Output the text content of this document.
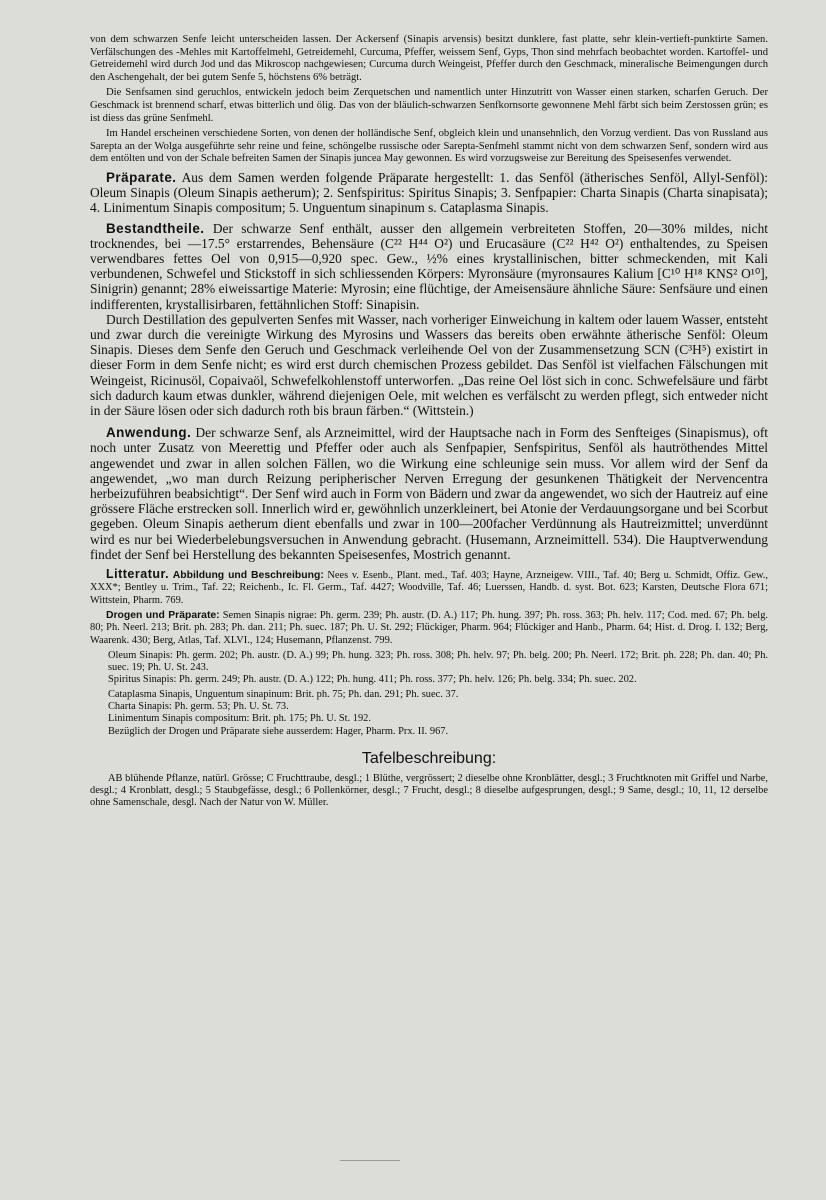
von dem schwarzen Senfe leicht unterscheiden lassen. Der Ackersenf (Sinapis arvensis) besitzt dunklere, fast platte, sehr klein-vertieft-punktirte Samen. Verfälschungen des -Mehles mit Kartoffelmehl, Getreidemehl, Curcuma, Pfeffer, weissem Senf, Gyps, Thon sind mehrfach beobachtet worden. Kartoffel- und Getreidemehl wird durch Jod und das Mikroscop nachgewiesen; Curcuma durch Weingeist, Pfeffer durch den Geschmack, mineralische Beimengungen durch den Aschengehalt, der bei gutem Senfe 5, höchstens 6% beträgt.

Die Senfsamen sind geruchlos, entwickeln jedoch beim Zerquetschen und namentlich unter Hinzutritt von Wasser einen starken, scharfen Geruch. Der Geschmack ist brennend scharf, etwas bitterlich und ölig. Das von der bläulich-schwarzen Senfkornsorte gewonnene Mehl färbt sich beim Zerstossen grün; es ist diess das grüne Senfmehl.

Im Handel erscheinen verschiedene Sorten, von denen der holländische Senf, obgleich klein und unansehnlich, den Vorzug verdient. Das von Russland aus Sarepta an der Wolga ausgeführte sehr reine und feine, schöngelbe russische oder Sarepta-Senfmehl stammt nicht von dem schwarzen Senf, sondern wird aus dem entölten und von der Schale befreiten Samen der Sinapis juncea May gewonnen. Es wird vorzugsweise zur Bereitung des Speisesenfes verwendet.

Präparate. Aus dem Samen werden folgende Präparate hergestellt: 1. das Senföl (ätherisches Senföl, Allyl-Senföl): Oleum Sinapis (Oleum Sinapis aetherum); 2. Senfspiritus: Spiritus Sinapis; 3. Senfpapier: Charta Sinapis (Charta sinapisata); 4. Linimentum Sinapis compositum; 5. Unguentum sinapinum s. Cataplasma Sinapis.

Bestandtheile. Der schwarze Senf enthält, ausser den allgemein verbreiteten Stoffen, 20—30% mildes, nicht trocknendes, bei —17.5° erstarrendes, Behensäure (C²² H⁴⁴ O²) und Erucasäure (C²² H⁴² O²) enthaltendes, zu Speisen verwendbares fettes Oel von 0,915—0,920 spec. Gew., ½% eines krystallinischen, bitter schmeckenden, mit Kali verbundenen, Schwefel und Stickstoff in sich schliessenden Körpers: Myronsäure (myronsaures Kalium [C¹⁰ H¹⁸ KNS² O¹⁰], Sinigrin) genannt; 28% eiweissartige Materie: Myrosin; eine flüchtige, der Ameisensäure ähnliche Säure: Senfsäure und einen indifferenten, krystallisirbaren, fettähnlichen Stoff: Sinapisin.

Durch Destillation des gepulverten Senfes mit Wasser, nach vorheriger Einweichung in kaltem oder lauem Wasser, entsteht und zwar durch die vereinigte Wirkung des Myrosins und Wassers das bereits oben erwähnte ätherische Senföl: Oleum Sinapis. Dieses dem Senfe den Geruch und Geschmack verleihende Oel von der Zusammensetzung SCN (C³H⁵) existirt in dieser Form in dem Senfe nicht; es wird erst durch chemischen Prozess gebildet. Das Senföl ist vielfachen Fälschungen mit Weingeist, Ricinusöl, Copaivaöl, Schwefelkohlenstoff unterworfen. „Das reine Oel löst sich in conc. Schwefelsäure und färbt sich dadurch kaum etwas dunkler, während diejenigen Oele, mit welchen es verfälscht zu werden pflegt, sich entweder nicht in der Säure lösen oder sich dadurch roth bis braun färben.“ (Wittstein.)

Anwendung. Der schwarze Senf, als Arzneimittel, wird der Hauptsache nach in Form des Senfteiges (Sinapismus), oft noch unter Zusatz von Meerettig und Pfeffer oder auch als Senfpapier, Senfspiritus, Senföl als hautröthendes Mittel angewendet und zwar in allen solchen Fällen, wo die Wirkung eine schleunige sein muss. Vor allem wird der Senf da angewendet, „wo man durch Reizung peripherischer Nerven Erregung der gesunkenen Thätigkeit der Nervencentra herbeizuführen beabsichtigt“. Der Senf wird auch in Form von Bädern und zwar da angewendet, wo sich der Hautreiz auf eine grössere Fläche erstrecken soll. Innerlich wird er, gewöhnlich unzerkleinert, bei Atonie der Verdauungsorgane und bei Scorbut gegeben. Oleum Sinapis aetherum dient ebenfalls und zwar in 100—200facher Verdünnung als Hautreizmittel; unverdünnt wird es nur bei Wiederbelebungsversuchen in Anwendung gebracht. (Husemann, Arzneimittell. 534). Die Hauptverwendung findet der Senf bei Herstellung des bekannten Speisesenfes, Mostrich genannt.

Litteratur. Abbildung und Beschreibung: Nees v. Esenb., Plant. med., Taf. 403; Hayne, Arzneigew. VIII., Taf. 40; Berg u. Schmidt, Offiz. Gew., XXX*; Bentley u. Trim., Taf. 22; Reichenb., Ic. Fl. Germ., Taf. 4427; Woodville, Taf. 46; Luerssen, Handb. d. syst. Bot. 623; Karsten, Deutsche Flora 671; Wittstein, Pharm. 769.

Drogen und Präparate: Semen Sinapis nigrae: Ph. germ. 239; Ph. austr. (D. A.) 117; Ph. hung. 397; Ph. ross. 363; Ph. helv. 117; Cod. med. 67; Ph. belg. 80; Ph. Neerl. 213; Brit. ph. 283; Ph. dan. 211; Ph. suec. 187; Ph. U. St. 292; Flückiger, Pharm. 964; Flückiger and Hanb., Pharm. 64; Hist. d. Drog. I. 132; Berg, Waarenk. 430; Berg, Atlas, Taf. XLVI., 124; Husemann, Pflanzenst. 799.

Oleum Sinapis: Ph. germ. 202; Ph. austr. (D. A.) 99; Ph. hung. 323; Ph. ross. 308; Ph. helv. 97; Ph. belg. 200; Ph. Neerl. 172; Brit. ph. 228; Ph. dan. 40; Ph. suec. 19; Ph. U. St. 243.

Spiritus Sinapis: Ph. germ. 249; Ph. austr. (D. A.) 122; Ph. hung. 411; Ph. ross. 377; Ph. helv. 126; Ph. belg. 334; Ph. suec. 202.

Cataplasma Sinapis, Unguentum sinapinum: Brit. ph. 75; Ph. dan. 291; Ph. suec. 37.

Charta Sinapis: Ph. germ. 53; Ph. U. St. 73.

Linimentum Sinapis compositum: Brit. ph. 175; Ph. U. St. 192.

Bezüglich der Drogen und Präparate siehe ausserdem: Hager, Pharm. Prx. II. 967.

Tafelbeschreibung:

AB blühende Pflanze, natürl. Grösse; C Fruchttraube, desgl.; 1 Blüthe, vergrössert; 2 dieselbe ohne Kronblätter, desgl.; 3 Fruchtknoten mit Griffel und Narbe, desgl.; 4 Kronblatt, desgl.; 5 Staubgefässe, desgl.; 6 Pollenkörner, desgl.; 7 Frucht, desgl.; 8 dieselbe aufgesprungen, desgl.; 9 Same, desgl.; 10, 11, 12 derselbe ohne Samenschale, desgl. Nach der Natur von W. Müller.
